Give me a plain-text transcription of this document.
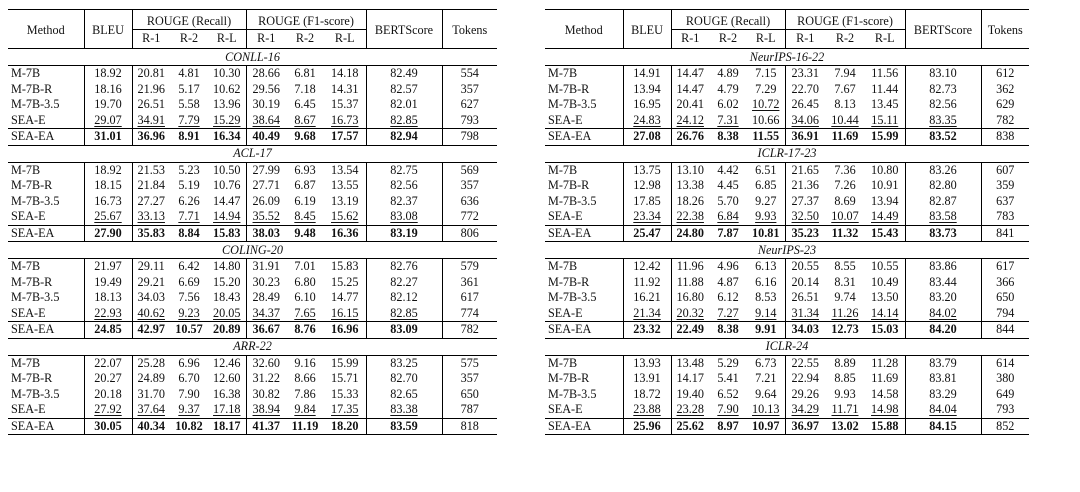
Method	BLEU	ROUGE (Recall)			ROUGE (F1-score)			BERTScore	Tokens
		R-1	R-2	R-L	R-1	R-2	R-L		
CONLL-16									
M-7B	18.92	20.81	4.81	10.30	28.66	6.81	14.18	82.49	554
M-7B-R	18.16	21.96	5.17	10.62	29.56	7.18	14.31	82.57	357
M-7B-3.5	19.70	26.51	5.58	13.96	30.19	6.45	15.37	82.01	627
SEA-E	29.07	34.91	7.79	15.29	38.64	8.67	16.73	82.85	793
SEA-EA	31.01	36.96	8.91	16.34	40.49	9.68	17.57	82.94	798
ACL-17									
M-7B	18.92	21.53	5.23	10.50	27.99	6.93	13.54	82.75	569
M-7B-R	18.15	21.84	5.19	10.76	27.71	6.87	13.55	82.56	357
M-7B-3.5	16.73	27.27	6.26	14.47	26.09	6.19	13.19	82.37	636
SEA-E	25.67	33.13	7.71	14.94	35.52	8.45	15.62	83.08	772
SEA-EA	27.90	35.83	8.84	15.83	38.03	9.48	16.36	83.19	806
COLING-20									
M-7B	21.97	29.11	6.42	14.80	31.91	7.01	15.83	82.76	579
M-7B-R	19.49	29.21	6.69	15.20	30.23	6.80	15.25	82.27	361
M-7B-3.5	18.13	34.03	7.56	18.43	28.49	6.10	14.77	82.12	617
SEA-E	22.93	40.62	9.23	20.05	34.37	7.65	16.15	82.85	774
SEA-EA	24.85	42.97	10.57	20.89	36.67	8.76	16.96	83.09	782
ARR-22									
M-7B	22.07	25.28	6.96	12.46	32.60	9.16	15.99	83.25	575
M-7B-R	20.27	24.89	6.70	12.60	31.22	8.66	15.71	82.70	357
M-7B-3.5	20.18	31.70	7.90	16.38	30.82	7.86	15.33	82.65	650
SEA-E	27.92	37.64	9.37	17.18	38.94	9.84	17.35	83.38	787
SEA-EA	30.05	40.34	10.82	18.17	41.37	11.19	18.20	83.59	818
Method	BLEU	ROUGE (Recall)			ROUGE (F1-score)			BERTScore	Tokens
		R-1	R-2	R-L	R-1	R-2	R-L		
NeurIPS-16-22									
M-7B	14.91	14.47	4.89	7.15	23.31	7.94	11.56	83.10	612
M-7B-R	13.94	14.47	4.79	7.29	22.70	7.67	11.44	82.73	362
M-7B-3.5	16.95	20.41	6.02	10.72	26.45	8.13	13.45	82.56	629
SEA-E	24.83	24.12	7.31	10.66	34.06	10.44	15.11	83.35	782
SEA-EA	27.08	26.76	8.38	11.55	36.91	11.69	15.99	83.52	838
ICLR-17-23									
M-7B	13.75	13.10	4.42	6.51	21.65	7.36	10.80	83.26	607
M-7B-R	12.98	13.38	4.45	6.85	21.36	7.26	10.91	82.80	359
M-7B-3.5	17.85	18.26	5.70	9.27	27.37	8.69	13.94	82.87	637
SEA-E	23.34	22.38	6.84	9.93	32.50	10.07	14.49	83.58	783
SEA-EA	25.47	24.80	7.87	10.81	35.23	11.32	15.43	83.73	841
NeurIPS-23									
M-7B	12.42	11.96	4.96	6.13	20.55	8.55	10.55	83.86	617
M-7B-R	11.92	11.88	4.87	6.16	20.14	8.31	10.49	83.44	366
M-7B-3.5	16.21	16.80	6.12	8.53	26.51	9.74	13.50	83.20	650
SEA-E	21.34	20.32	7.27	9.14	31.34	11.26	14.14	84.02	794
SEA-EA	23.32	22.49	8.38	9.91	34.03	12.73	15.03	84.20	844
ICLR-24									
M-7B	13.93	13.48	5.29	6.73	22.55	8.89	11.28	83.79	614
M-7B-R	13.91	14.17	5.41	7.21	22.94	8.85	11.69	83.81	380
M-7B-3.5	18.72	19.40	6.52	9.64	29.26	9.93	14.58	83.29	649
SEA-E	23.88	23.28	7.90	10.13	34.29	11.71	14.98	84.04	793
SEA-EA	25.96	25.62	8.97	10.97	36.97	13.02	15.88	84.15	852
